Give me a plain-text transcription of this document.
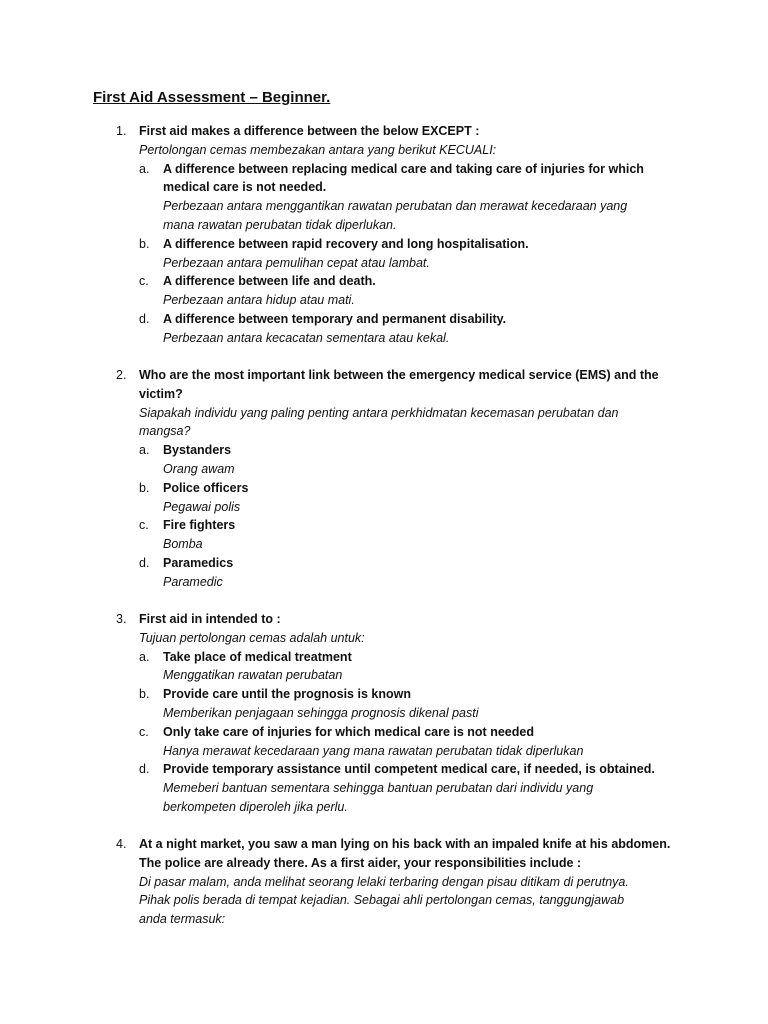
First Aid Assessment – Beginner.
1. First aid makes a difference between the below EXCEPT :
Pertolongan cemas membezakan antara yang berikut KECUALI:
a. A difference between replacing medical care and taking care of injuries for which
medical care is not needed.
Perbezaan antara menggantikan rawatan perubatan dan merawat kecedaraan yang
mana rawatan perubatan tidak diperlukan.
b. A difference between rapid recovery and long hospitalisation.
Perbezaan antara pemulihan cepat atau lambat.
c. A difference between life and death.
Perbezaan antara hidup atau mati.
d. A difference between temporary and permanent disability.
Perbezaan antara kecacatan sementara atau kekal.
2. Who are the most important link between the emergency medical service (EMS) and the
victim?
Siapakah individu yang paling penting antara perkhidmatan kecemasan perubatan dan
mangsa?
a. Bystanders
Orang awam
b. Police officers
Pegawai polis
c. Fire fighters
Bomba
d. Paramedics
Paramedic
3. First aid in intended to :
Tujuan pertolongan cemas adalah untuk:
a. Take place of medical treatment
Menggatikan rawatan perubatan
b. Provide care until the prognosis is known
Memberikan penjagaan sehingga prognosis dikenal pasti
c. Only take care of injuries for which medical care is not needed
Hanya merawat kecedaraan yang mana rawatan perubatan tidak diperlukan
d. Provide temporary assistance until competent medical care, if needed, is obtained.
Memeberi bantuan sementara sehingga bantuan perubatan dari individu yang
berkompeten diperoleh jika perlu.
4. At a night market, you saw a man lying on his back with an impaled knife at his abdomen.
The police are already there. As a first aider, your responsibilities include :
Di pasar malam, anda melihat seorang lelaki terbaring dengan pisau ditikam di perutnya.
Pihak polis berada di tempat kejadian. Sebagai ahli pertolongan cemas, tanggungjawab
anda termasuk:
